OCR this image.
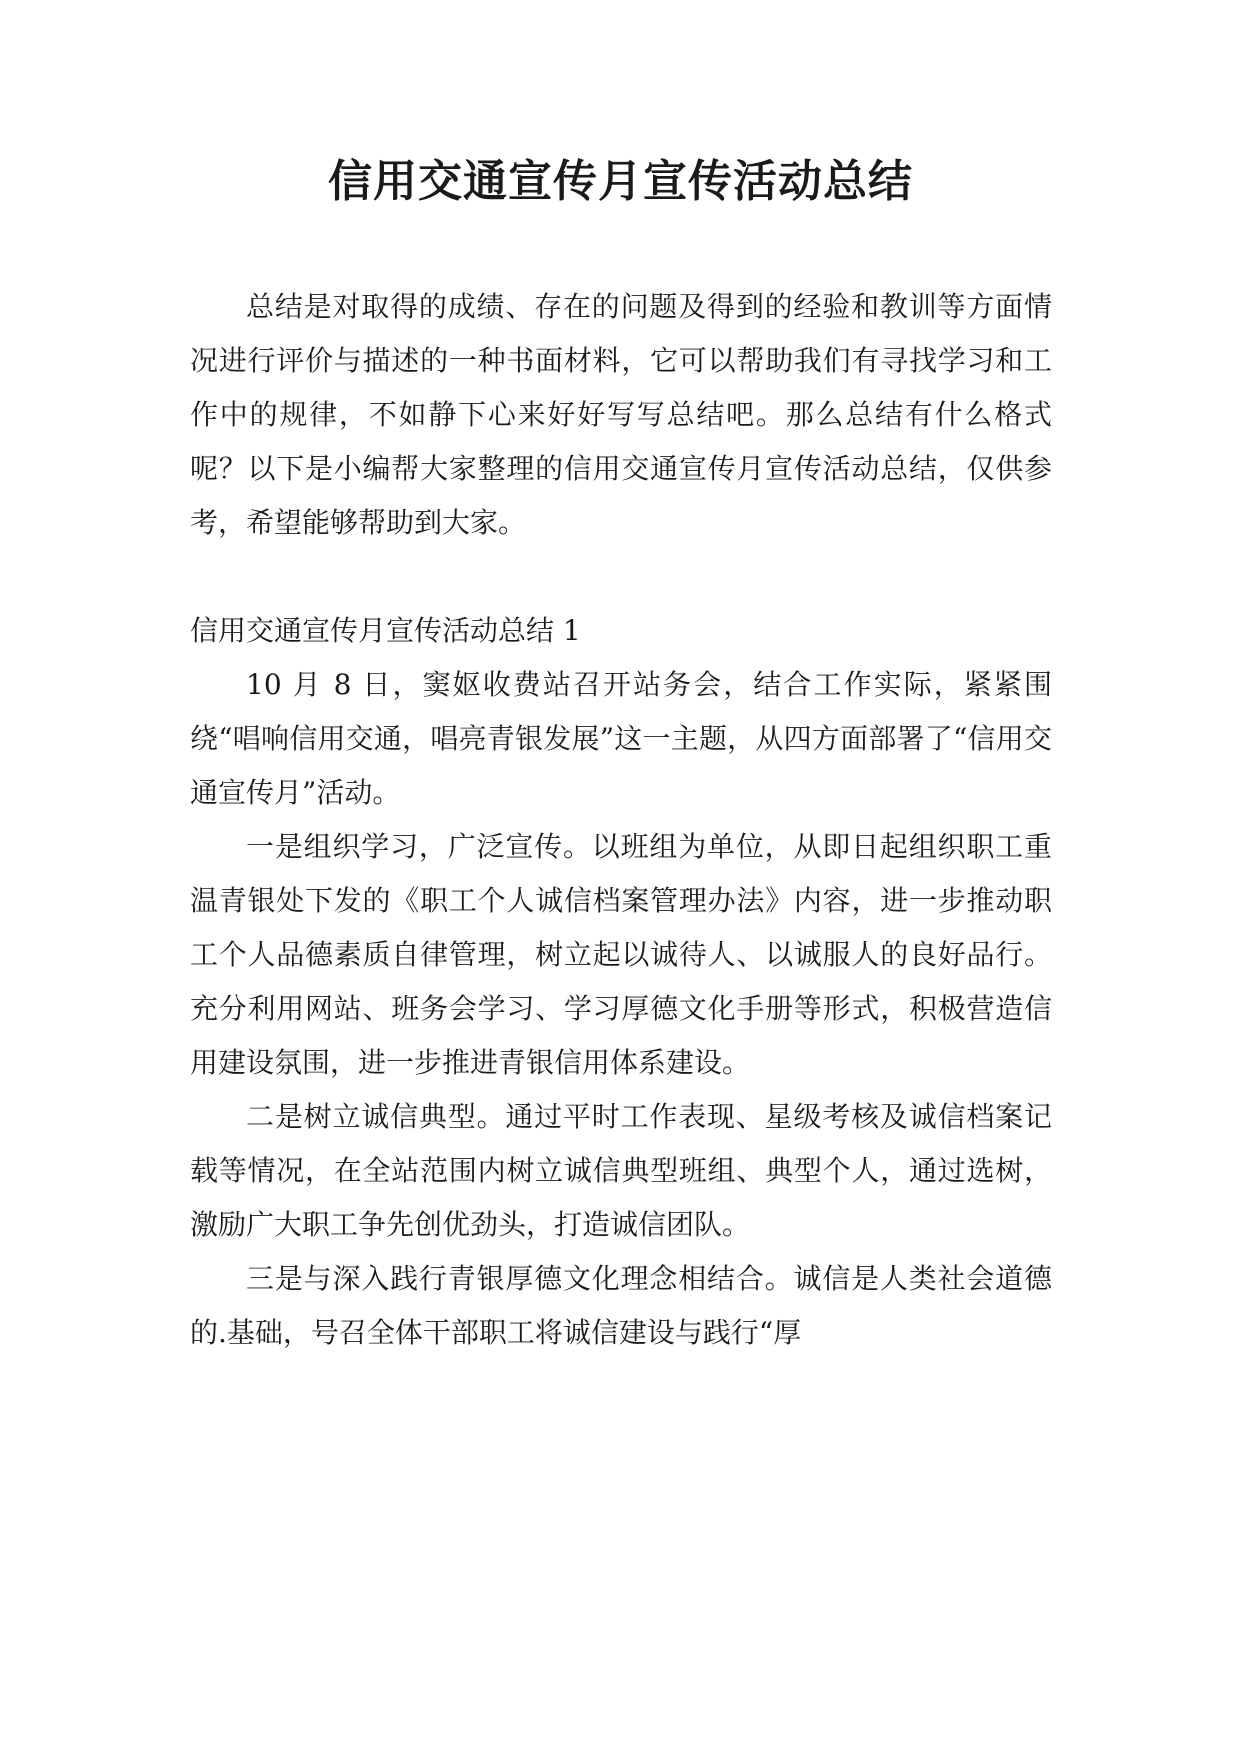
信用交通宣传月宣传活动总结

总结是对取得的成绩、存在的问题及得到的经验和教训等方面情况进行评价与描述的一种书面材料，它可以帮助我们有寻找学习和工作中的规律，不如静下心来好好写写总结吧。那么总结有什么格式呢？以下是小编帮大家整理的信用交通宣传月宣传活动总结，仅供参考，希望能够帮助到大家。

信用交通宣传月宣传活动总结 1

10 月 8 日，窦妪收费站召开站务会，结合工作实际，紧紧围绕“唱响信用交通，唱亮青银发展”这一主题，从四方面部署了“信用交通宣传月”活动。

一是组织学习，广泛宣传。以班组为单位，从即日起组织职工重温青银处下发的《职工个人诚信档案管理办法》内容，进一步推动职工个人品德素质自律管理，树立起以诚待人、以诚服人的良好品行。充分利用网站、班务会学习、学习厚德文化手册等形式，积极营造信用建设氛围，进一步推进青银信用体系建设。

二是树立诚信典型。通过平时工作表现、星级考核及诚信档案记载等情况，在全站范围内树立诚信典型班组、典型个人，通过选树，激励广大职工争先创优劲头，打造诚信团队。

三是与深入践行青银厚德文化理念相结合。诚信是人类社会道德的.基础，号召全体干部职工将诚信建设与践行“厚
